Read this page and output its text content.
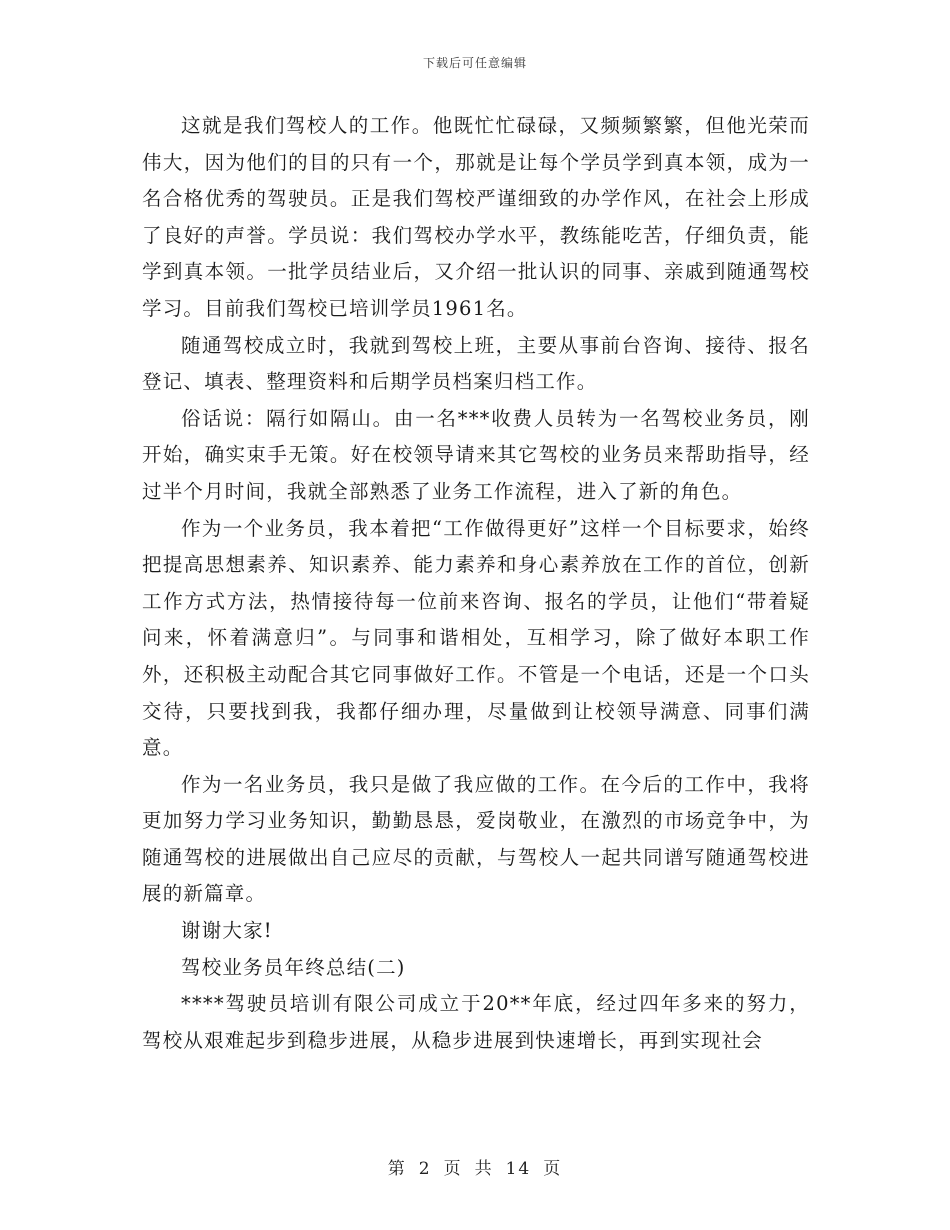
下载后可任意编辑

这就是我们驾校人的工作。他既忙忙碌碌，又频频繁繁，但他光荣而伟大，因为他们的目的只有一个，那就是让每个学员学到真本领，成为一名合格优秀的驾驶员。正是我们驾校严谨细致的办学作风，在社会上形成了良好的声誉。学员说：我们驾校办学水平，教练能吃苦，仔细负责，能学到真本领。一批学员结业后，又介绍一批认识的同事、亲戚到随通驾校学习。目前我们驾校已培训学员1961名。

随通驾校成立时，我就到驾校上班，主要从事前台咨询、接待、报名登记、填表、整理资料和后期学员档案归档工作。

俗话说：隔行如隔山。由一名***收费人员转为一名驾校业务员，刚开始，确实束手无策。好在校领导请来其它驾校的业务员来帮助指导，经过半个月时间，我就全部熟悉了业务工作流程，进入了新的角色。

作为一个业务员，我本着把“工作做得更好”这样一个目标要求，始终把提高思想素养、知识素养、能力素养和身心素养放在工作的首位，创新工作方式方法，热情接待每一位前来咨询、报名的学员，让他们“带着疑问来，怀着满意归”。与同事和谐相处，互相学习，除了做好本职工作外，还积极主动配合其它同事做好工作。不管是一个电话，还是一个口头交待，只要找到我，我都仔细办理，尽量做到让校领导满意、同事们满意。

作为一名业务员，我只是做了我应做的工作。在今后的工作中，我将更加努力学习业务知识，勤勤恳恳，爱岗敬业，在激烈的市场竞争中，为随通驾校的进展做出自己应尽的贡献，与驾校人一起共同谱写随通驾校进展的新篇章。

谢谢大家!

驾校业务员年终总结(二)

****驾驶员培训有限公司成立于20**年底，经过四年多来的努力，驾校从艰难起步到稳步进展，从稳步进展到快速增长，再到实现社会

第 2 页 共 14 页
